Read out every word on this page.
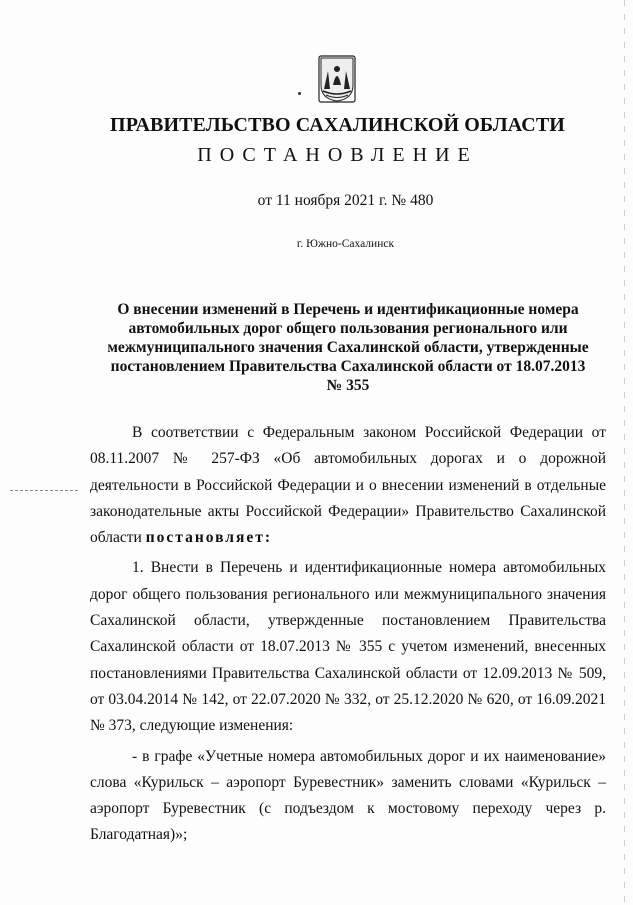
ПРАВИТЕЛЬСТВО САХАЛИНСКОЙ ОБЛАСТИ
ПОСТАНОВЛЕНИЕ
от 11 ноября 2021 г. № 480
г. Южно-Сахалинск
О внесении изменений в Перечень и идентификационные номера
автомобильных дорог общего пользования регионального или
межмуниципального значения Сахалинской области, утвержденные
постановлением Правительства Сахалинской области от 18.07.2013
№ 355

В соответствии с Федеральным законом Российской Федерации от 08.11.2007 № 257-ФЗ «Об автомобильных дорогах и о дорожной деятельности в Российской Федерации и о внесении изменений в отдельные законодательные акты Российской Федерации» Правительство Сахалинской области постановляет:

1. Внести в Перечень и идентификационные номера автомобильных дорог общего пользования регионального или межмуниципального значения Сахалинской области, утвержденные постановлением Правительства Сахалинской области от 18.07.2013 № 355 с учетом изменений, внесенных постановлениями Правительства Сахалинской области от 12.09.2013 № 509, от 03.04.2014 № 142, от 22.07.2020 № 332, от 25.12.2020 № 620, от 16.09.2021 № 373, следующие изменения:

- в графе «Учетные номера автомобильных дорог и их наименование» слова «Курильск – аэропорт Буревестник» заменить словами «Курильск – аэропорт Буревестник (с подъездом к мостовому переходу через р. Благодатная)»;
